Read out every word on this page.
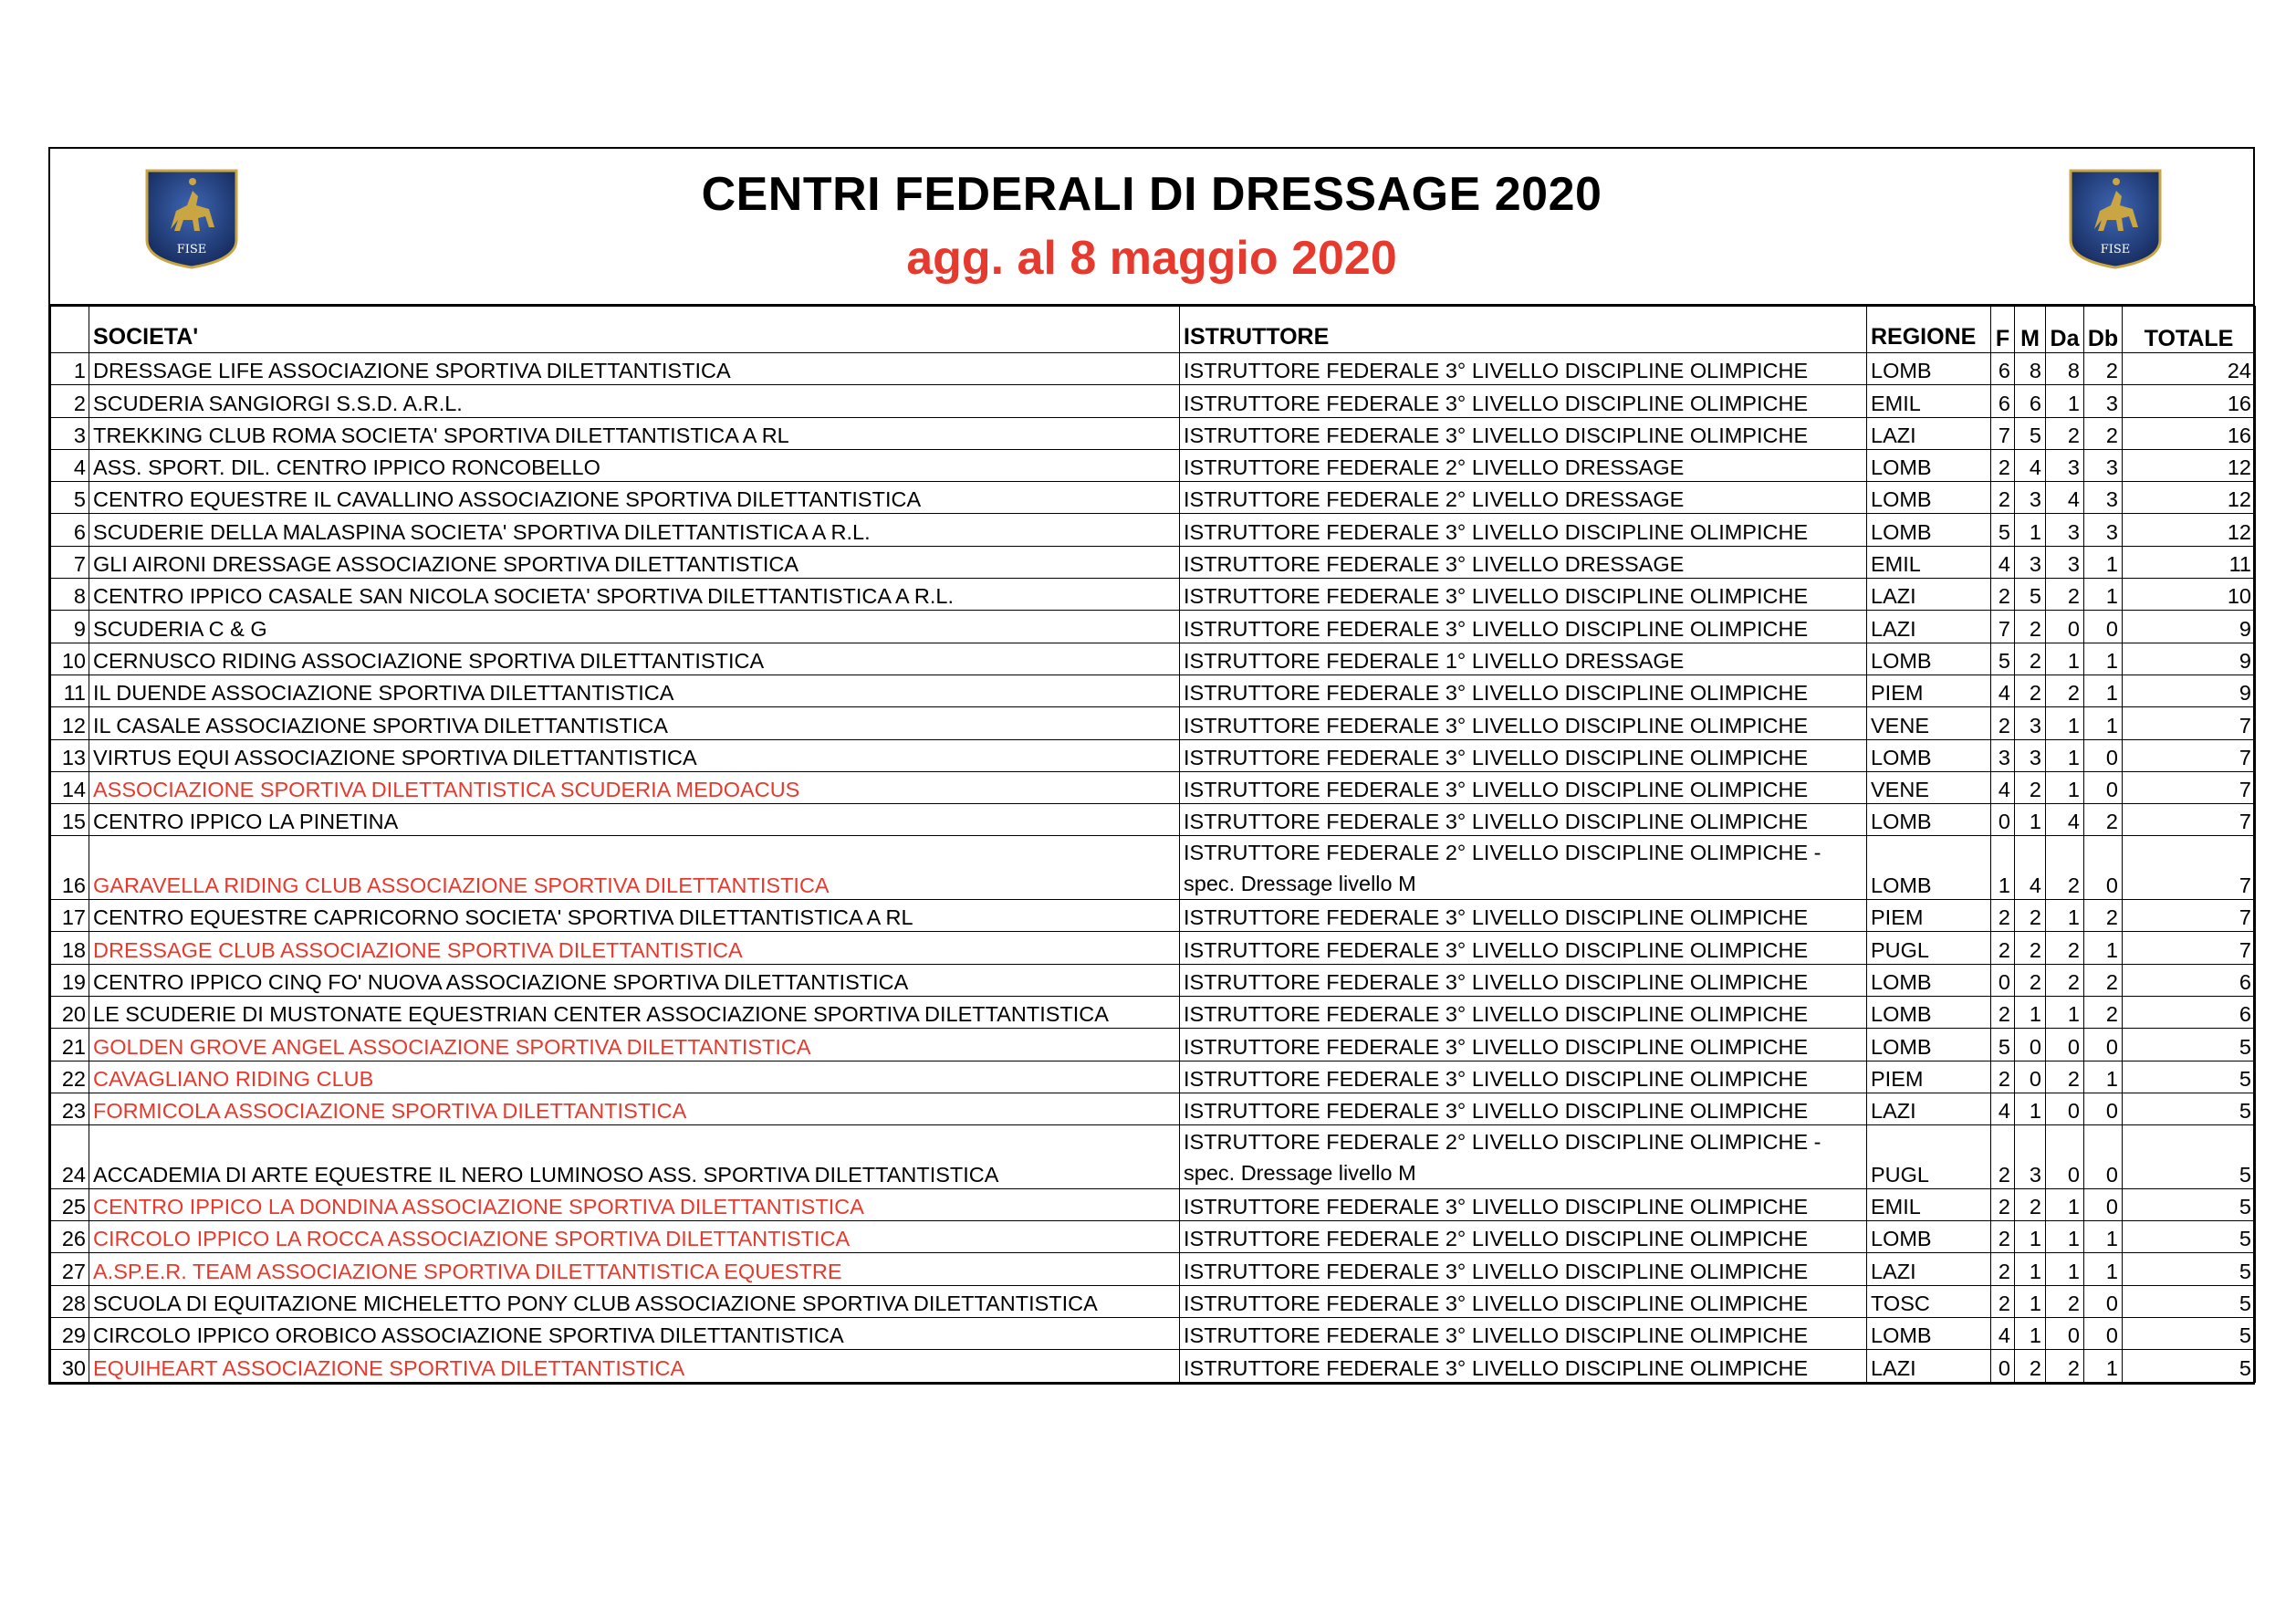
FISE
CENTRI FEDERALI DI DRESSAGE 2020
agg. al 8 maggio 2020	FISE
	SOCIETA'	ISTRUTTORE	REGIONE	F	M	Da	Db	TOTALE
1	DRESSAGE LIFE ASSOCIAZIONE SPORTIVA DILETTANTISTICA	ISTRUTTORE FEDERALE 3° LIVELLO DISCIPLINE OLIMPICHE	LOMB	6	8	8	2	24
2	SCUDERIA SANGIORGI S.S.D. A.R.L.	ISTRUTTORE FEDERALE 3° LIVELLO DISCIPLINE OLIMPICHE	EMIL	6	6	1	3	16
3	TREKKING CLUB ROMA SOCIETA' SPORTIVA DILETTANTISTICA A RL	ISTRUTTORE FEDERALE 3° LIVELLO DISCIPLINE OLIMPICHE	LAZI	7	5	2	2	16
4	ASS. SPORT. DIL. CENTRO IPPICO RONCOBELLO	ISTRUTTORE FEDERALE 2° LIVELLO DRESSAGE	LOMB	2	4	3	3	12
5	CENTRO EQUESTRE IL CAVALLINO ASSOCIAZIONE SPORTIVA DILETTANTISTICA	ISTRUTTORE FEDERALE 2° LIVELLO DRESSAGE	LOMB	2	3	4	3	12
6	SCUDERIE DELLA MALASPINA SOCIETA' SPORTIVA DILETTANTISTICA A R.L.	ISTRUTTORE FEDERALE 3° LIVELLO DISCIPLINE OLIMPICHE	LOMB	5	1	3	3	12
7	GLI AIRONI DRESSAGE ASSOCIAZIONE SPORTIVA DILETTANTISTICA	ISTRUTTORE FEDERALE 3° LIVELLO DRESSAGE	EMIL	4	3	3	1	11
8	CENTRO IPPICO CASALE SAN NICOLA SOCIETA' SPORTIVA DILETTANTISTICA A R.L.	ISTRUTTORE FEDERALE 3° LIVELLO DISCIPLINE OLIMPICHE	LAZI	2	5	2	1	10
9	SCUDERIA C & G	ISTRUTTORE FEDERALE 3° LIVELLO DISCIPLINE OLIMPICHE	LAZI	7	2	0	0	9
10	CERNUSCO RIDING ASSOCIAZIONE SPORTIVA DILETTANTISTICA	ISTRUTTORE FEDERALE 1° LIVELLO DRESSAGE	LOMB	5	2	1	1	9
11	IL DUENDE ASSOCIAZIONE SPORTIVA DILETTANTISTICA	ISTRUTTORE FEDERALE 3° LIVELLO DISCIPLINE OLIMPICHE	PIEM	4	2	2	1	9
12	IL CASALE ASSOCIAZIONE SPORTIVA DILETTANTISTICA	ISTRUTTORE FEDERALE 3° LIVELLO DISCIPLINE OLIMPICHE	VENE	2	3	1	1	7
13	VIRTUS EQUI ASSOCIAZIONE SPORTIVA DILETTANTISTICA	ISTRUTTORE FEDERALE 3° LIVELLO DISCIPLINE OLIMPICHE	LOMB	3	3	1	0	7
14	ASSOCIAZIONE SPORTIVA DILETTANTISTICA SCUDERIA MEDOACUS	ISTRUTTORE FEDERALE 3° LIVELLO DISCIPLINE OLIMPICHE	VENE	4	2	1	0	7
15	CENTRO IPPICO LA PINETINA	ISTRUTTORE FEDERALE 3° LIVELLO DISCIPLINE OLIMPICHE	LOMB	0	1	4	2	7
16	GARAVELLA RIDING CLUB ASSOCIAZIONE SPORTIVA DILETTANTISTICA	ISTRUTTORE FEDERALE 2° LIVELLO DISCIPLINE OLIMPICHE - spec. Dressage livello M	LOMB	1	4	2	0	7
17	CENTRO EQUESTRE CAPRICORNO SOCIETA' SPORTIVA DILETTANTISTICA A RL	ISTRUTTORE FEDERALE 3° LIVELLO DISCIPLINE OLIMPICHE	PIEM	2	2	1	2	7
18	DRESSAGE CLUB ASSOCIAZIONE SPORTIVA DILETTANTISTICA	ISTRUTTORE FEDERALE 3° LIVELLO DISCIPLINE OLIMPICHE	PUGL	2	2	2	1	7
19	CENTRO IPPICO CINQ FO' NUOVA ASSOCIAZIONE SPORTIVA DILETTANTISTICA	ISTRUTTORE FEDERALE 3° LIVELLO DISCIPLINE OLIMPICHE	LOMB	0	2	2	2	6
20	LE SCUDERIE DI MUSTONATE EQUESTRIAN CENTER ASSOCIAZIONE SPORTIVA DILETTANTISTICA	ISTRUTTORE FEDERALE 3° LIVELLO DISCIPLINE OLIMPICHE	LOMB	2	1	1	2	6
21	GOLDEN GROVE ANGEL ASSOCIAZIONE SPORTIVA DILETTANTISTICA	ISTRUTTORE FEDERALE 3° LIVELLO DISCIPLINE OLIMPICHE	LOMB	5	0	0	0	5
22	CAVAGLIANO RIDING CLUB	ISTRUTTORE FEDERALE 3° LIVELLO DISCIPLINE OLIMPICHE	PIEM	2	0	2	1	5
23	FORMICOLA ASSOCIAZIONE SPORTIVA DILETTANTISTICA	ISTRUTTORE FEDERALE 3° LIVELLO DISCIPLINE OLIMPICHE	LAZI	4	1	0	0	5
24	ACCADEMIA DI ARTE EQUESTRE IL NERO LUMINOSO ASS. SPORTIVA DILETTANTISTICA	ISTRUTTORE FEDERALE 2° LIVELLO DISCIPLINE OLIMPICHE - spec. Dressage livello M	PUGL	2	3	0	0	5
25	CENTRO IPPICO LA DONDINA ASSOCIAZIONE SPORTIVA DILETTANTISTICA	ISTRUTTORE FEDERALE 3° LIVELLO DISCIPLINE OLIMPICHE	EMIL	2	2	1	0	5
26	CIRCOLO IPPICO LA ROCCA ASSOCIAZIONE SPORTIVA DILETTANTISTICA	ISTRUTTORE FEDERALE 2° LIVELLO DISCIPLINE OLIMPICHE	LOMB	2	1	1	1	5
27	A.SP.E.R. TEAM ASSOCIAZIONE SPORTIVA DILETTANTISTICA EQUESTRE	ISTRUTTORE FEDERALE 3° LIVELLO DISCIPLINE OLIMPICHE	LAZI	2	1	1	1	5
28	SCUOLA DI EQUITAZIONE MICHELETTO PONY CLUB ASSOCIAZIONE SPORTIVA DILETTANTISTICA	ISTRUTTORE FEDERALE 3° LIVELLO DISCIPLINE OLIMPICHE	TOSC	2	1	2	0	5
29	CIRCOLO IPPICO OROBICO ASSOCIAZIONE SPORTIVA DILETTANTISTICA	ISTRUTTORE FEDERALE 3° LIVELLO DISCIPLINE OLIMPICHE	LOMB	4	1	0	0	5
30	EQUIHEART ASSOCIAZIONE SPORTIVA DILETTANTISTICA	ISTRUTTORE FEDERALE 3° LIVELLO DISCIPLINE OLIMPICHE	LAZI	0	2	2	1	5
